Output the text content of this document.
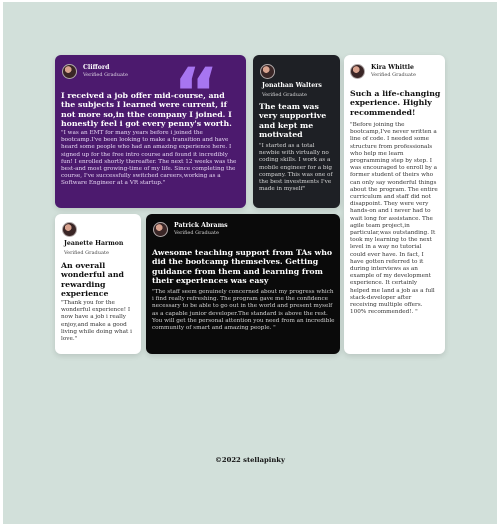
“
Clifford
Verified Graduate

I received a job offer mid-course, and the subjects I learned were current, if not more so,in tthe company I joined. I honestly feel i got every penny's worth.

"I was an EMT for many years before i joined the bootcamp.I've been looking to make a transition and have heard some people who had an amazing experience here. I signed up for the free intro course and found it incredibly fun! I enrolled shortly thereafter. The next 12 weeks was the best-and most growing-time of my life. Since completing the course, I've successfully switched careers,working as a Software Engineer at a VR startup."

Jonathan Walters
Verified Graduate

The team was very supportive and kept me motivated

"I started as a total newbie with virtually no coding skills. I work as a mobile engineer for a big company. This was one of the best investments I've made in myself"

Kira Whittle
Verified Graduate

Such a life-changing experience. Highly recommended!

"Before joining the bootcamp,I've never written a line of code. I needed some structure from professionals who help me learn programming step by step. I was encouraged to enroll by a former student of theirs who can only say wonderful things about the program. The entire curriculum and staff did not disappoint. They were very hands-on and i never had to wait long for assistance. The agile team project,in particular,was outstanding. It took my learning to the next level in a way no tutorial could ever have. In fact, I have gotten referred to it during interviews as an example of my development experience. It certainly helped me land a job as a full stack-developer after receiving multiple offers. 100% recommended!. "

Jeanette Harmon
Verified Graduate

An overall wonderful and rewarding experience

"Thank you for the wonderful experience! I now have a job i really enjoy,and make a good living while doing what i love."

Patrick Abrams
Verified Graduate

Awesome teaching support from TAs who did the bootcamp themselves. Getting guidance from them and learning from their experiences was easy

"The staff seem genuinely concerned about my progress which i find really refreshing. The program gave me the confidence necessary to be able to go out in the world and present myself as a capable junior developer.The standard is above the rest. You will get the personal attention you need from an incredible community of smart and amazing people. "

©2022 stellapinky
